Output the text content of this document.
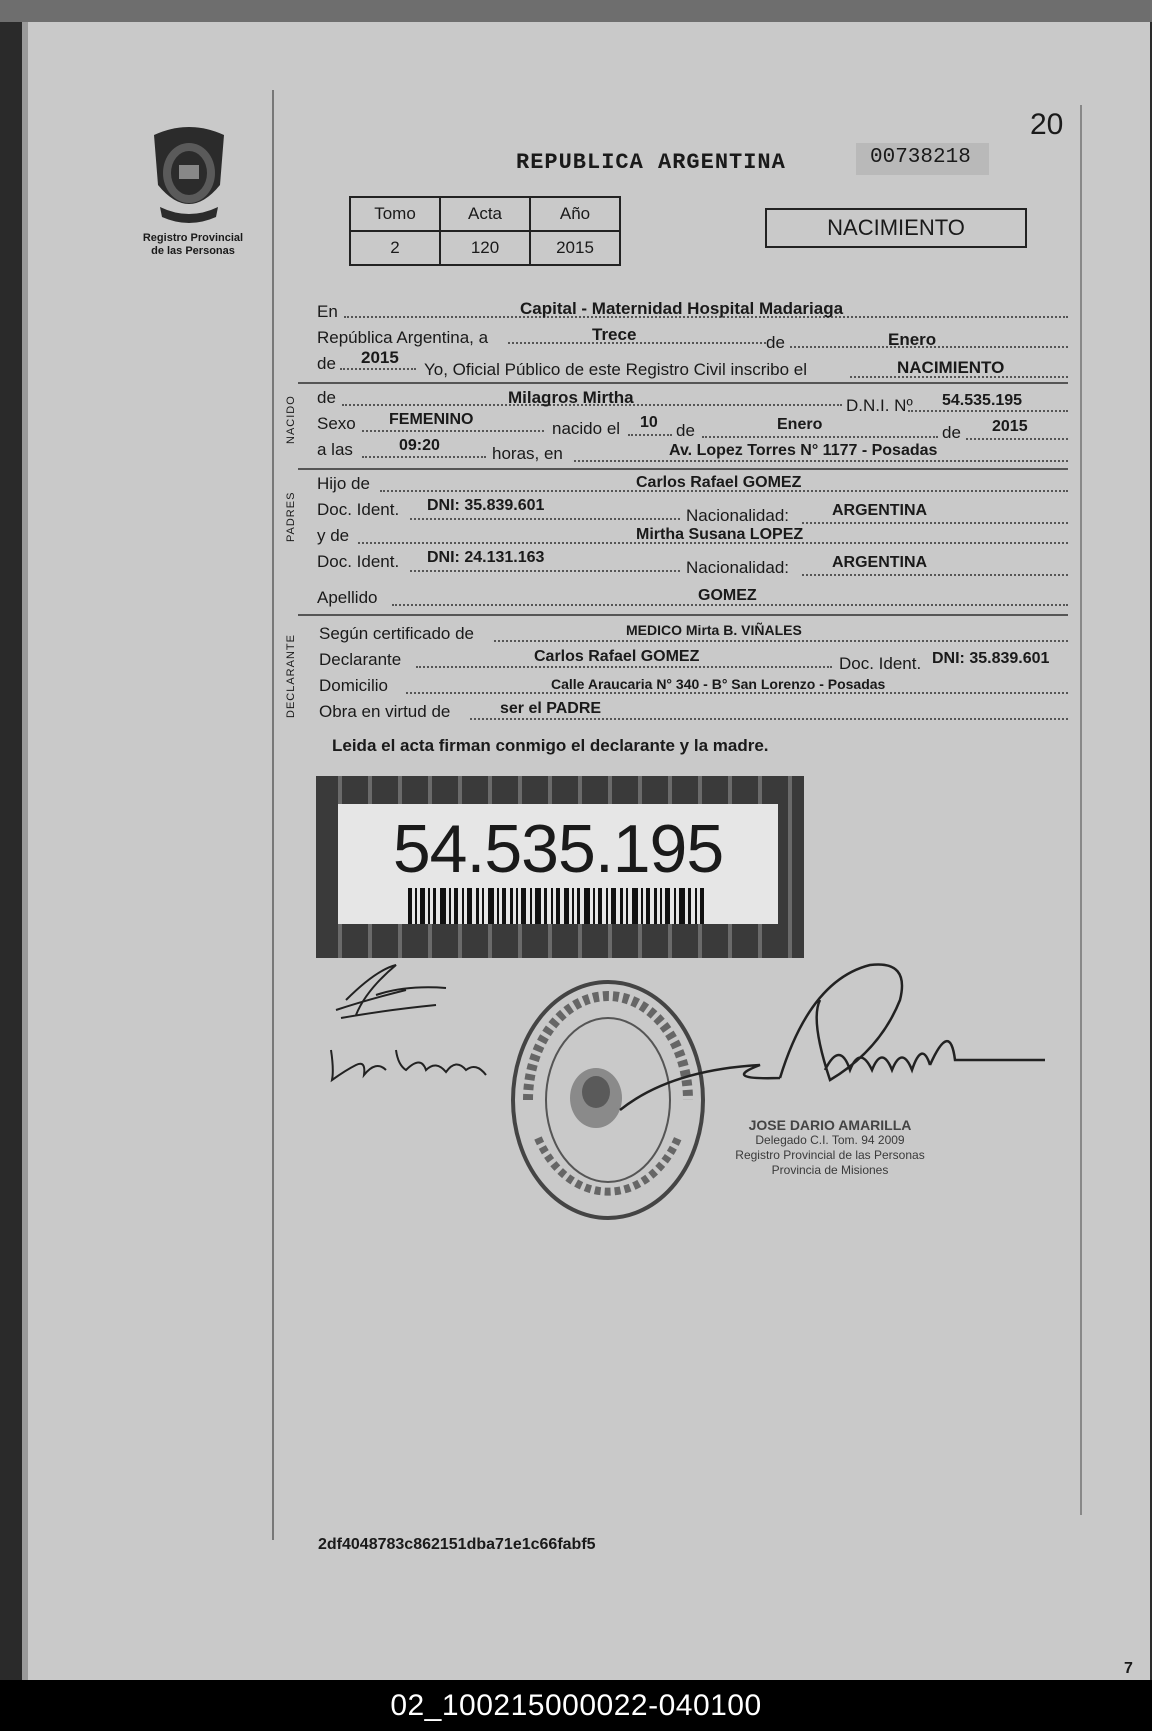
20
Registro Provincial
de las Personas
REPUBLICA ARGENTINA	00738218
Tomo	Acta	Año
2	120	2015
NACIMIENTO
En	Capital - Maternidad Hospital Madariaga
República Argentina, a	Trece	de	Enero
de 2015
Yo, Oficial Público de este Registro Civil inscribo el	NACIMIENTO
NACIDO de	Milagros Mirtha	D.N.I. Nº 54.535.195
Sexo FEMENINO	nacido el 10 de	Enero	de 2015
a las	09:20	horas, en	Av. Lopez Torres N° 1177 - Posadas
PADRES
Hijo de	Carlos Rafael GOMEZ
Doc. Ident. DNI: 35.839.601
Nacionalidad:	ARGENTINA
y de	Mirtha Susana LOPEZ
Doc. Ident. DNI: 24.131.163
Nacionalidad:	ARGENTINA
Apellido	GOMEZ
DECLARANTE
Según certificado de	MEDICO Mirta B. VIÑALES
Declarante	Carlos Rafael GOMEZ	Doc. Ident. DNI: 35.839.601
Domicilio	Calle Araucaria N° 340 - B° San Lorenzo - Posadas
Obra en virtud de	ser el PADRE
Leida el acta firman conmigo el declarante y la madre.
54.535.195
JOSE DARIO AMARILLA
Delegado C.I. Tom. 94 2009
Registro Provincial de las Personas
Provincia de Misiones
2df4048783c862151dba71e1c66fabf5
7
02_100215000022-040100
